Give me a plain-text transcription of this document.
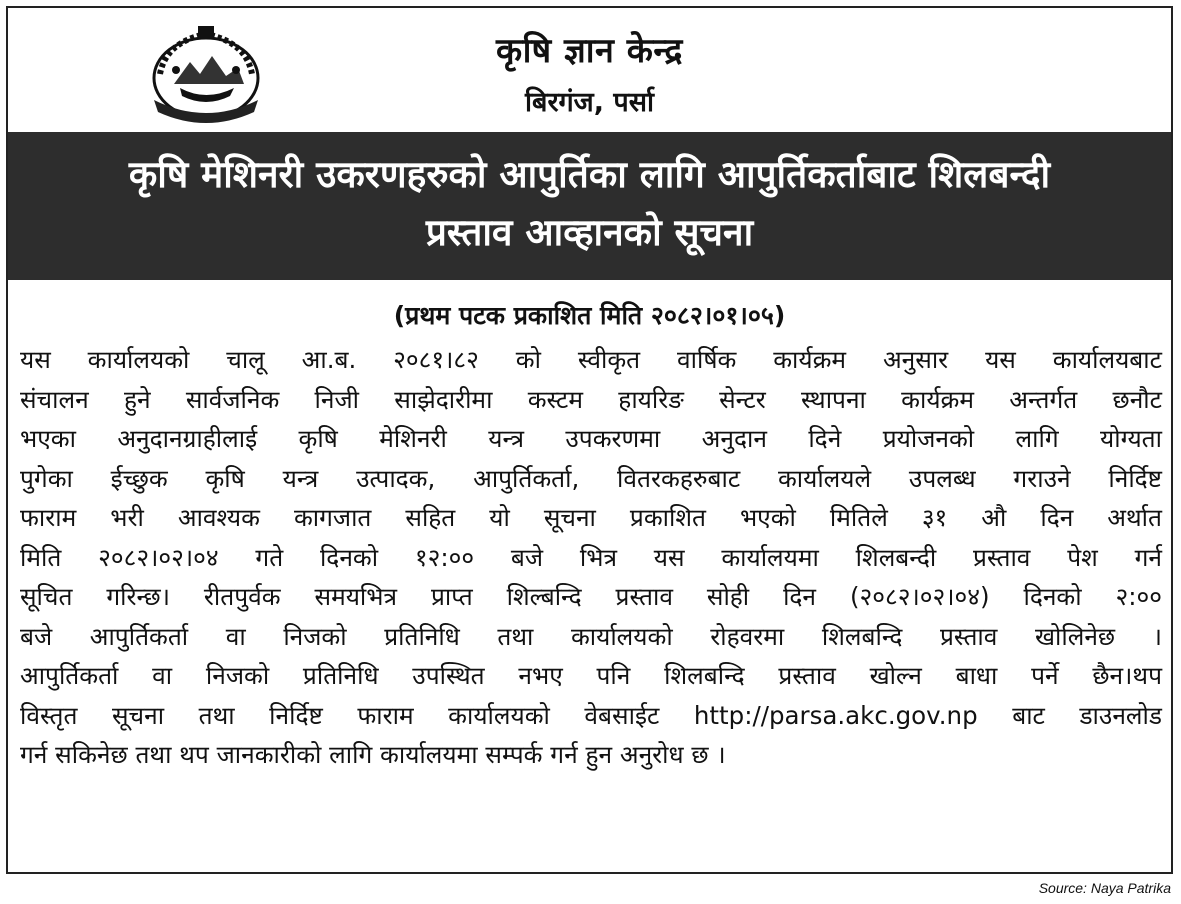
कृषि ज्ञान केन्द्र
बिरगंज, पर्सा
कृषि मेशिनरी उकरणहरुको आपुर्तिका लागि आपुर्तिकर्ताबाट शिलबन्दी
प्रस्ताव आव्हानको सूचना
(प्रथम पटक प्रकाशित मिति २०८२।०१।०५)
यस कार्यालयको चालू आ.ब. २०८१।८२ को स्वीकृत वार्षिक कार्यक्रम अनुसार यस कार्यालयबाट
संचालन हुने सार्वजनिक निजी साझेदारीमा कस्टम हायरिङ सेन्टर स्थापना कार्यक्रम अन्तर्गत छनौट
भएका अनुदानग्राहीलाई कृषि मेशिनरी यन्त्र उपकरणमा अनुदान दिने प्रयोजनको लागि योग्यता
पुगेका ईच्छुक कृषि यन्त्र उत्पादक, आपुर्तिकर्ता, वितरकहरुबाट कार्यालयले उपलब्ध गराउने निर्दिष्ट
फाराम भरी आवश्यक कागजात सहित यो सूचना प्रकाशित भएको मितिले ३१ औ दिन अर्थात
मिति २०८२।०२।०४ गते दिनको १२:०० बजे भित्र यस कार्यालयमा शिलबन्दी प्रस्ताव पेश गर्न
सूचित गरिन्छ। रीतपुर्वक समयभित्र प्राप्त शिल्बन्दि प्रस्ताव सोही दिन (२०८२।०२।०४) दिनको २:००
बजे आपुर्तिकर्ता वा निजको प्रतिनिधि तथा कार्यालयको रोहवरमा शिलबन्दि प्रस्ताव खोलिनेछ ।
आपुर्तिकर्ता वा निजको प्रतिनिधि उपस्थित नभए पनि शिलबन्दि प्रस्ताव खोल्न बाधा पर्ने छैन।थप
विस्तृत सूचना तथा निर्दिष्ट फाराम कार्यालयको वेबसाईट http://parsa.akc.gov.np बाट डाउनलोड
गर्न सकिनेछ तथा थप जानकारीको लागि कार्यालयमा सम्पर्क गर्न हुन अनुरोध छ ।
Source: Naya Patrika
